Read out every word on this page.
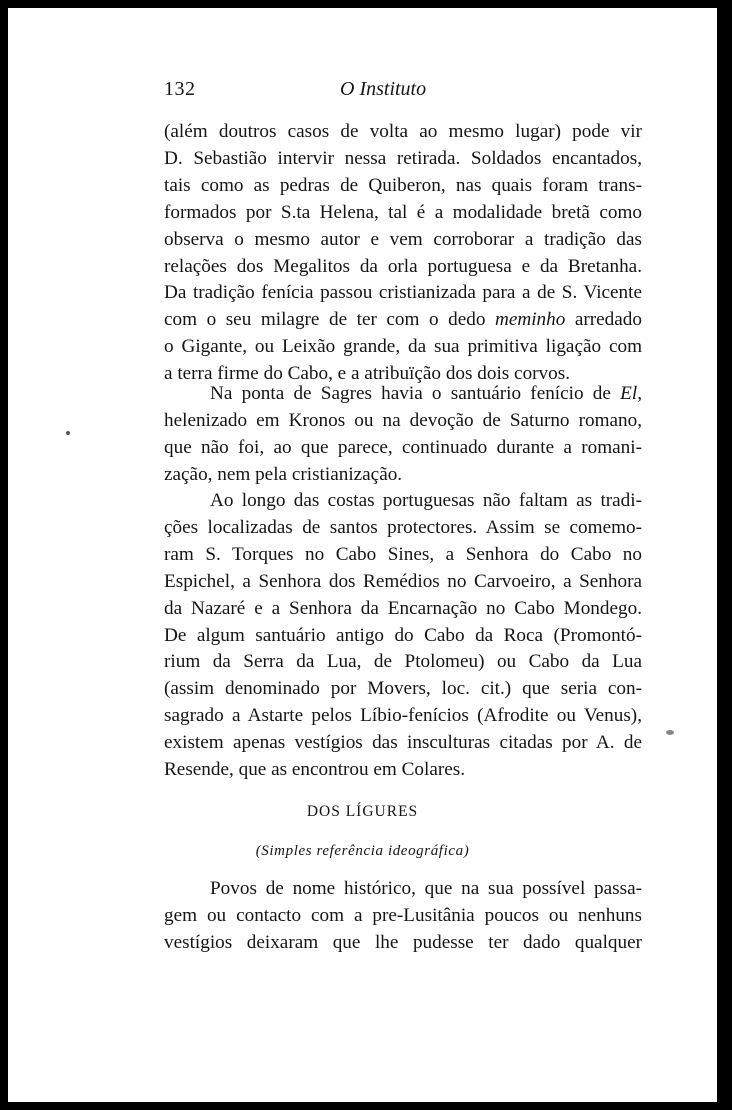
132	O Instituto
(além doutros casos de volta ao mesmo lugar) pode vir
D. Sebastião intervir nessa retirada. Soldados encantados,
tais como as pedras de Quiberon, nas quais foram trans-
formados por S.ta Helena, tal é a modalidade bretã como
observa o mesmo autor e vem corroborar a tradição das
relações dos Megalitos da orla portuguesa e da Bretanha.
Da tradição fenícia passou cristianizada para a de S. Vicente
com o seu milagre de ter com o dedo meminho arredado
o Gigante, ou Leixão grande, da sua primitiva ligação com
a terra firme do Cabo, e a atribuïção dos dois corvos.
Na ponta de Sagres havia o santuário fenício de El,
helenizado em Kronos ou na devoção de Saturno romano,
que não foi, ao que parece, continuado durante a romani-
zação, nem pela cristianização.
Ao longo das costas portuguesas não faltam as tradi-
ções localizadas de santos protectores. Assim se comemo-
ram S. Torques no Cabo Sines, a Senhora do Cabo no
Espichel, a Senhora dos Remédios no Carvoeiro, a Senhora
da Nazaré e a Senhora da Encarnação no Cabo Mondego.
De algum santuário antigo do Cabo da Roca (Promontó-
rium da Serra da Lua, de Ptolomeu) ou Cabo da Lua
(assim denominado por Movers, loc. cit.) que seria con-
sagrado a Astarte pelos Líbio-fenícios (Afrodite ou Venus),
existem apenas vestígios das insculturas citadas por A. de
Resende, que as encontrou em Colares.
DOS LÍGURES
(Simples referência ideográfica)
Povos de nome histórico, que na sua possível passa-
gem ou contacto com a pre-Lusitânia poucos ou nenhuns
vestígios deixaram que lhe pudesse ter dado qualquer
